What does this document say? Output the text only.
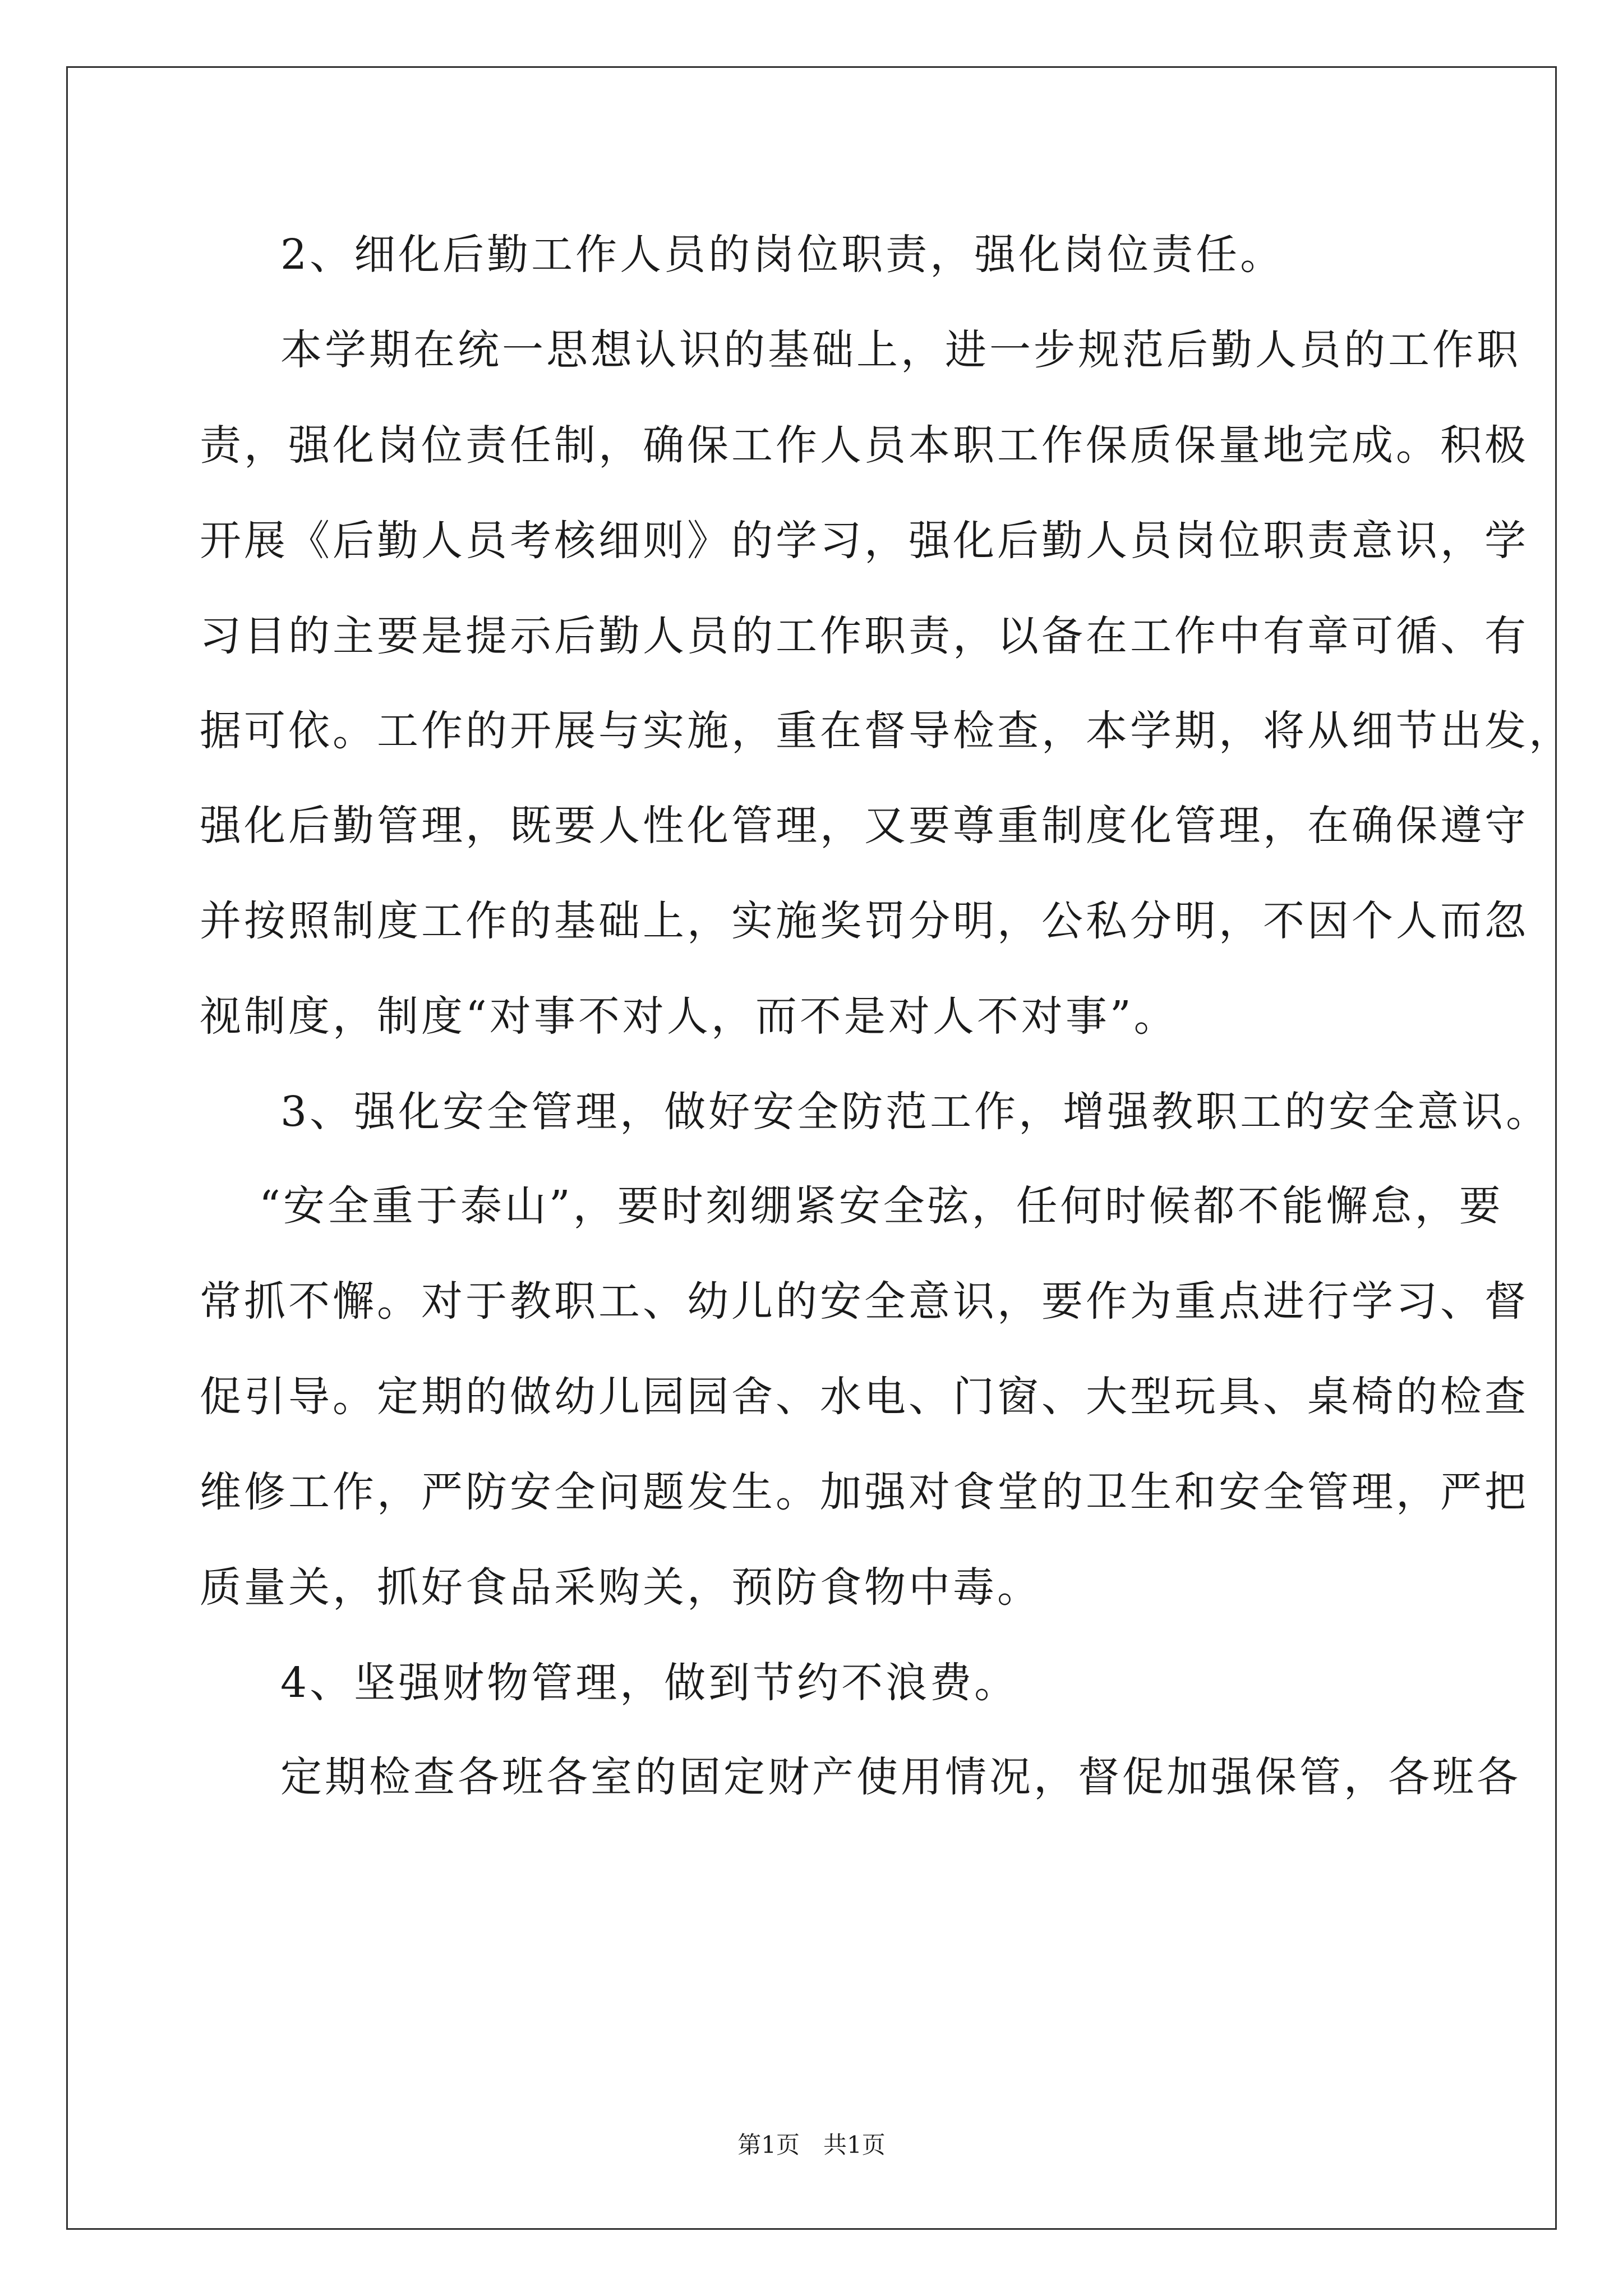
2、细化后勤工作人员的岗位职责，强化岗位责任。
本学期在统一思想认识的基础上，进一步规范后勤人员的工作职
责，强化岗位责任制，确保工作人员本职工作保质保量地完成。积极
开展《后勤人员考核细则》的学习，强化后勤人员岗位职责意识，学
习目的主要是提示后勤人员的工作职责，以备在工作中有章可循、有
据可依。工作的开展与实施，重在督导检查，本学期，将从细节出发，
强化后勤管理，既要人性化管理，又要尊重制度化管理，在确保遵守
并按照制度工作的基础上，实施奖罚分明，公私分明，不因个人而忽
视制度，制度“对事不对人，而不是对人不对事”。
3、强化安全管理，做好安全防范工作，增强教职工的安全意识。
“安全重于泰山”，要时刻绷紧安全弦，任何时候都不能懈怠，要
常抓不懈。对于教职工、幼儿的安全意识，要作为重点进行学习、督
促引导。定期的做幼儿园园舍、水电、门窗、大型玩具、桌椅的检查
维修工作，严防安全问题发生。加强对食堂的卫生和安全管理，严把
质量关，抓好食品采购关，预防食物中毒。
4、坚强财物管理，做到节约不浪费。
定期检查各班各室的固定财产使用情况，督促加强保管，各班各
第1页　共1页
